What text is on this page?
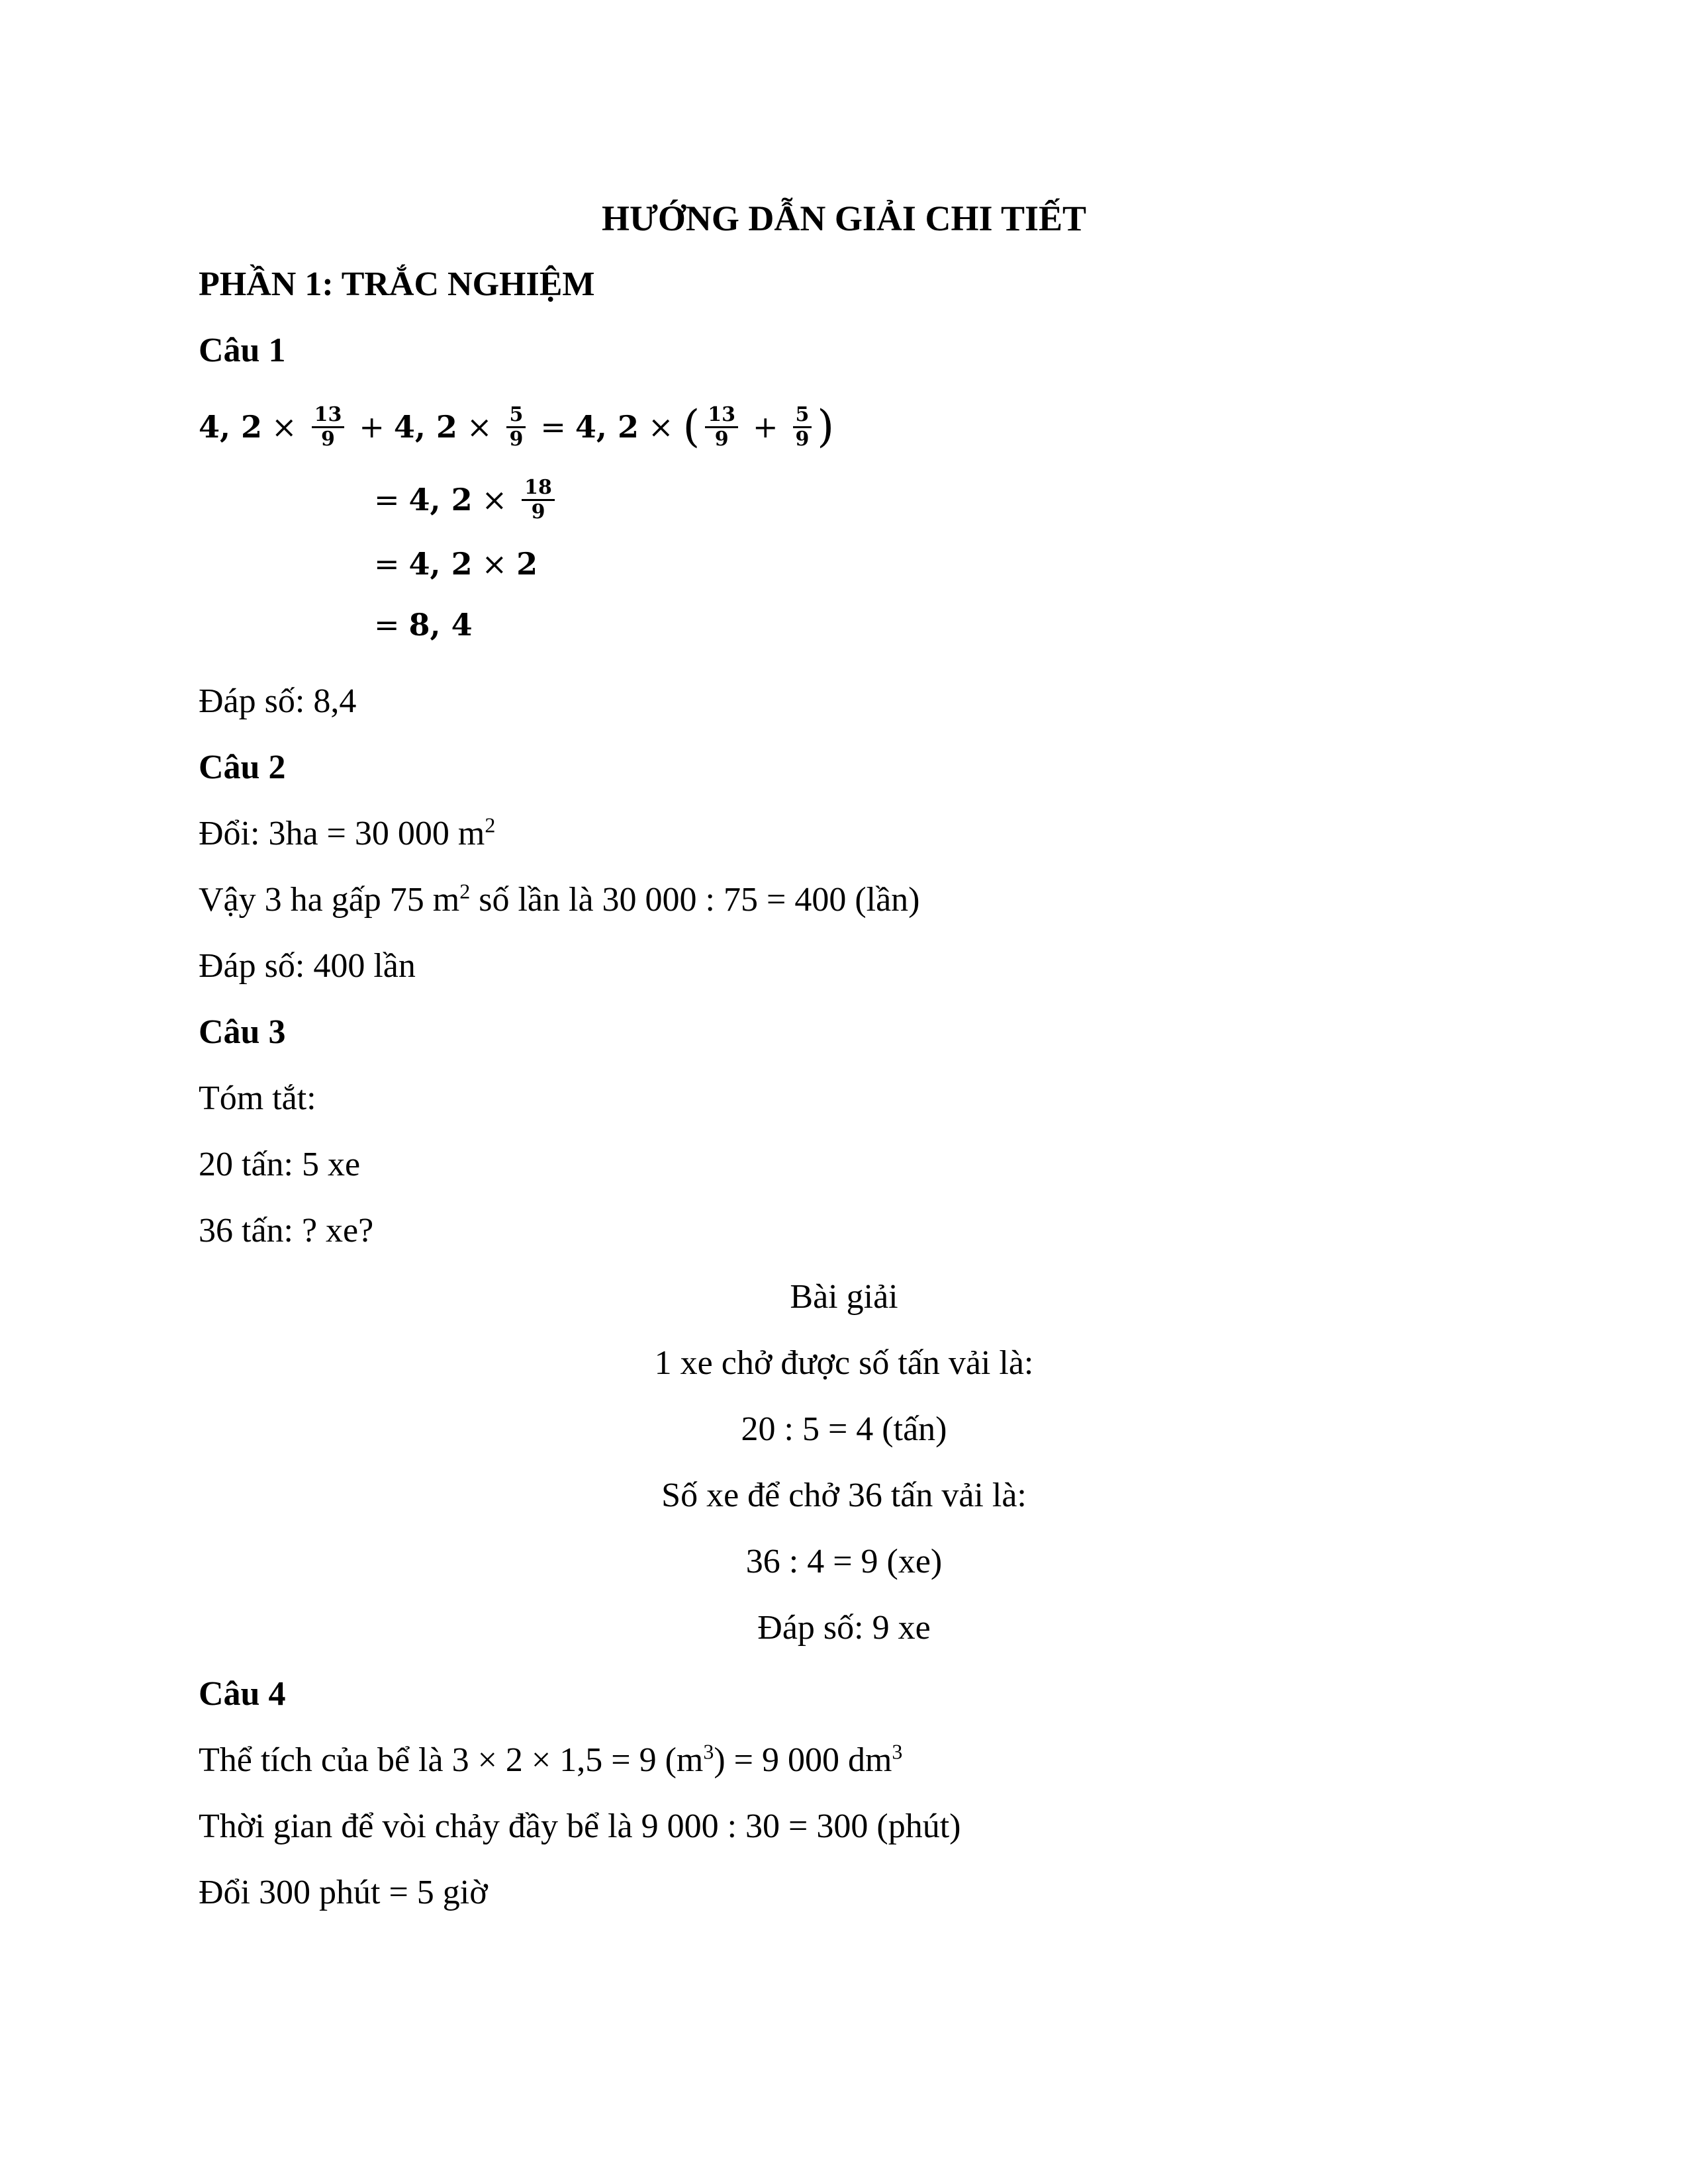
HƯỚNG DẪN GIẢI CHI TIẾT
PHẦN 1: TRẮC NGHIỆM
Câu 1
4, $2 \times \frac{13}{9} + 4$, $2 \times \frac{5}{9} = 4$, 2 × ( $\frac{13}{9} + \frac{5}{9}$ )
= 4, $2 \times \frac{18}{9}$
= 4, 2 × 2
= 8, 4
Đáp số: 8,4
Câu 2
Đổi: 3ha = 30 000 $m^2$
Vậy 3 ha gấp 75 $m^2$ số lần là 30 000 : 75 = 400 (lần)
Đáp số: 400 lần
Câu 3
Tóm tắt:
20 tấn: 5 xe
36 tấn: ? xe?
Bài giải
1 xe chở được số tấn vải là:
20 : 5 = 4 (tấn)
Số xe để chở 36 tấn vải là:
36 : 4 = 9 (xe)
Đáp số: 9 xe
Câu 4
Thể tích của bể là 3 × 2 × 1,5 = 9 $(m^3) = 9$ 000 $dm^3$
Thời gian để vòi chảy đầy bể là 9 000 : 30 = 300 (phút)
Đổi 300 phút = 5 giờ
